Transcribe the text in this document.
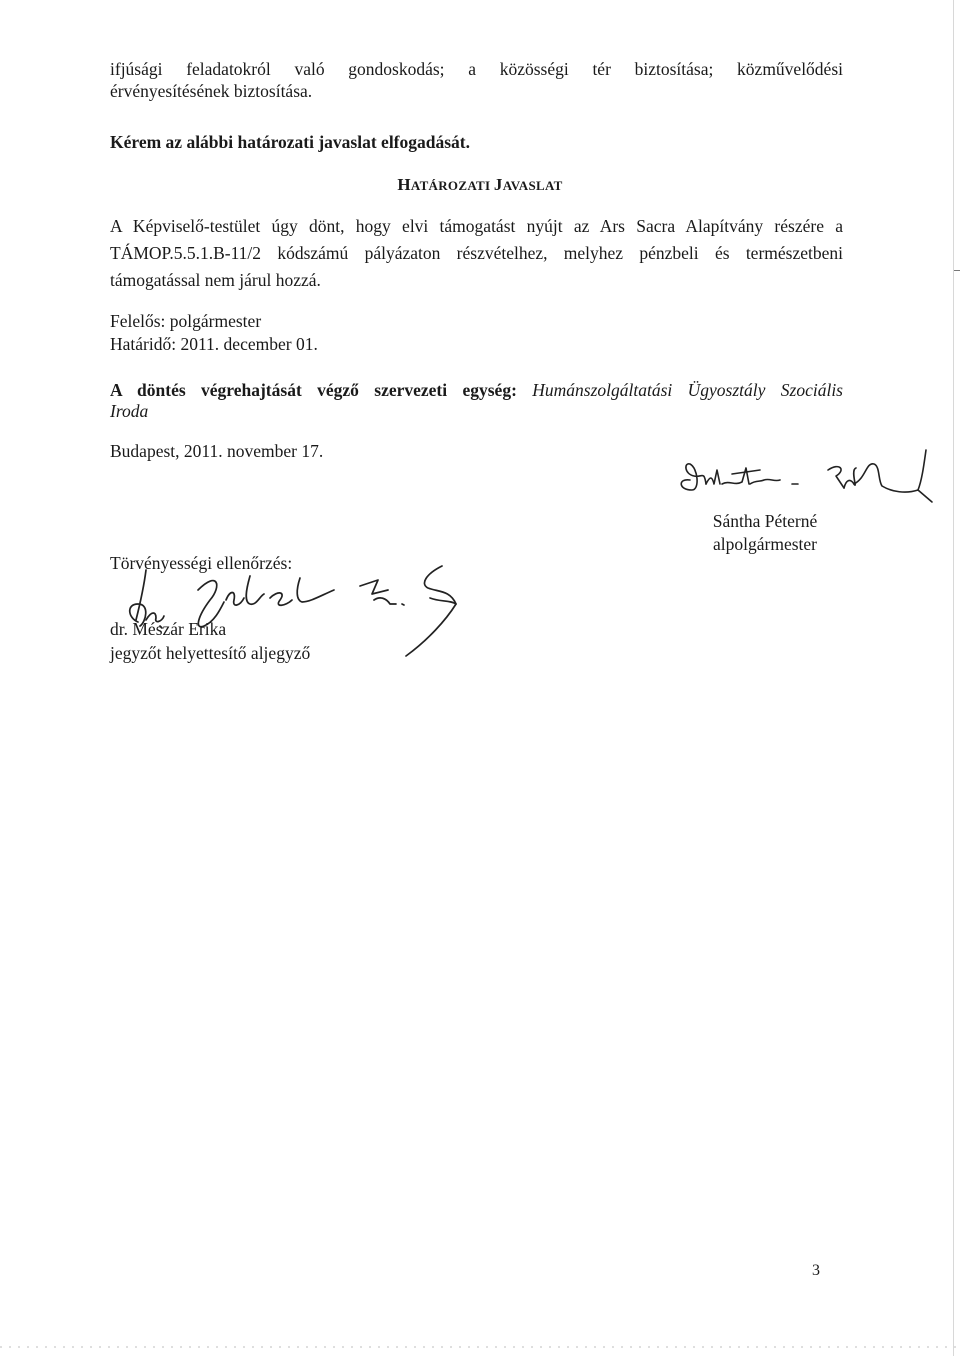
ifjúsági feladatokról való gondoskodás; a közösségi tér biztosítása; közművelődési
érvényesítésének biztosítása.
Kérem az alábbi határozati javaslat elfogadását.
HATÁROZATI JAVASLAT
A Képviselő-testület úgy dönt, hogy elvi támogatást nyújt az Ars Sacra Alapítvány részére a
TÁMOP.5.5.1.B-11/2 kódszámú pályázaton részvételhez, melyhez pénzbeli és természetbeni
támogatással nem járul hozzá.
Felelős: polgármester
Határidő: 2011. december 01.
A döntés végrehajtását végző szervezeti egység: Humánszolgáltatási Ügyosztály Szociális
Iroda
Budapest, 2011. november 17.
Sántha Péterné
alpolgármester
Törvényességi ellenőrzés:
dr. Mészár Erika
jegyzőt helyettesítő aljegyző
3
